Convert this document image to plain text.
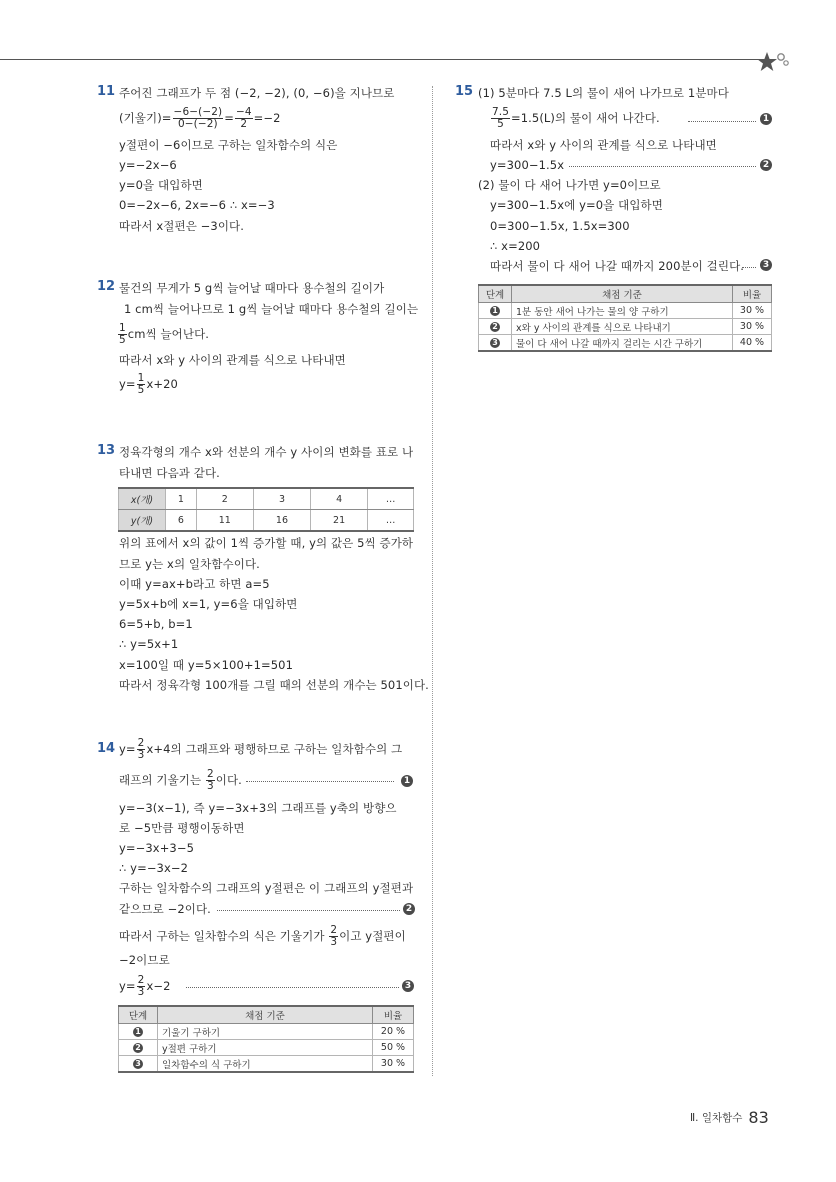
11 주어진 그래프가 두 점 (−2, −2), (0, −6)을 지나므로
(기울기)= $\frac{-6-(-2)}{0-(-2)} = \frac{-4}{2} =-2$
y절편이 −6이므로 구하는 일차함수의 식은
y=−2x−6
y=0을 대입하면
0=−2x−6, 2x=−6 ∴ x=−3
따라서 x절편은 −3이다.
12 물건의 무게가 5 g씩 늘어날 때마다 용수철의 길이가
1 cm씩 늘어나므로 1 g씩 늘어날 때마다 용수철의 길이는
$\frac{1}{5}$ cm씩 늘어난다.
따라서 x와 y 사이의 관계를 식으로 나타내면
$y= \frac{1}{5} x+20$
13 정육각형의 개수 x와 선분의 개수 y 사이의 변화를 표로 나
타내면 다음과 같다.
x(개)	1	2	3	4	…
y(개)	6	11	16	21	…
위의 표에서 x의 값이 1씩 증가할 때, y의 값은 5씩 증가하
므로 y는 x의 일차함수이다.
이때 y=ax+b라고 하면 a=5
y=5x+b에 x=1, y=6을 대입하면
6=5+b, b=1
∴ y=5x+1
x=100일 때 y=5×100+1=501
따라서 정육각형 100개를 그릴 때의 선분의 개수는 501이다.
14 $y= \frac{2}{3} x+4$의 그래프와 평행하므로 구하는 일차함수의 그
래프의 기울기는 $\frac{2}{3}$ 이다.	1
y=−3(x−1), 즉 y=−3x+3의 그래프를 y축의 방향으
로 −5만큼 평행이동하면
y=−3x+3−5
∴ y=−3x−2
구하는 일차함수의 그래프의 y절편은 이 그래프의 y절편과
같으므로 −2이다.	2
따라서 구하는 일차함수의 식은 기울기가 $\frac{2}{3}$ 이고 y절편이
−2이므로
$y= \frac{2}{3} x-2$	3
단계	채점 기준	비율
1	기울기 구하기	20 %
2	y절편 구하기	50 %
3	일차함수의 식 구하기	30 %
15 (1) 5분마다 7.5 L의 물이 새어 나가므로 1분마다
$\frac{7.5}{5} =1.5(L)$의 물이 새어 나간다.	1
따라서 x와 y 사이의 관계를 식으로 나타내면
y=300−1.5x	2
(2) 물이 다 새어 나가면 y=0이므로
y=300−1.5x에 y=0을 대입하면
0=300−1.5x, 1.5x=300
∴ x=200
따라서 물이 다 새어 나갈 때까지 200분이 걸린다.	3
단계	채점 기준	비율
1	1분 동안 새어 나가는 물의 양 구하기	30 %
2	x와 y 사이의 관계를 식으로 나타내기	30 %
3	물이 다 새어 나갈 때까지 걸리는 시간 구하기	40 %
Ⅱ. 일차함수 83
